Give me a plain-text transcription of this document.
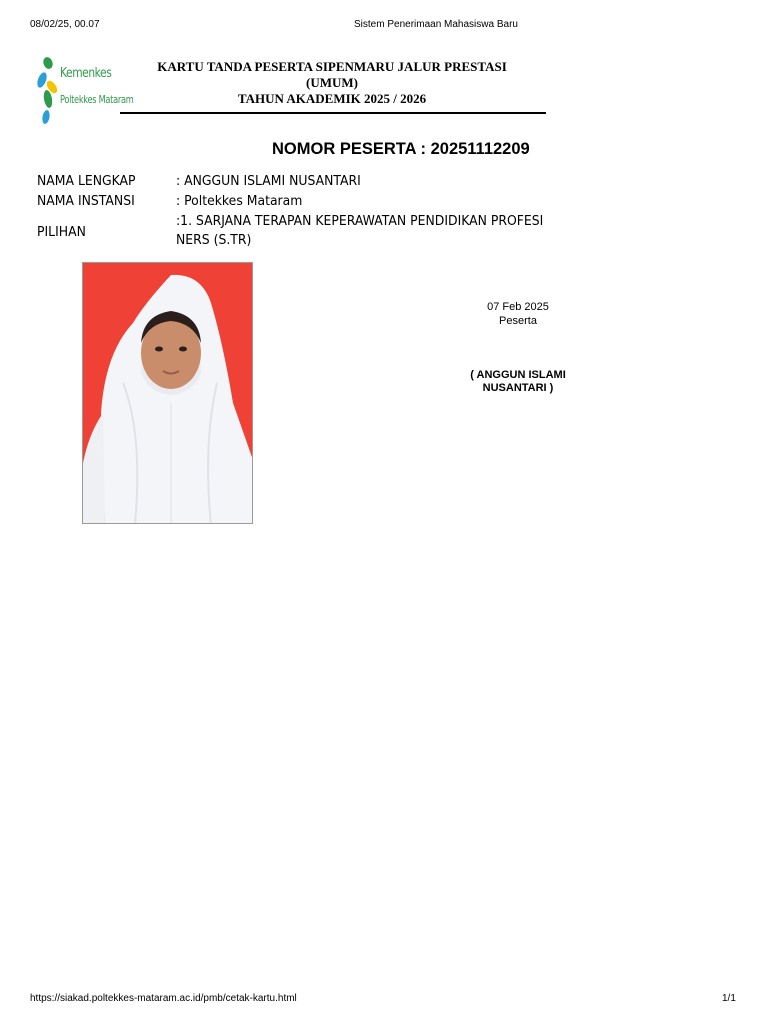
08/02/25, 00.07	Sistem Penerimaan Mahasiswa Baru
Kemenkes
Poltekkes Mataram
KARTU TANDA PESERTA SIPENMARU JALUR PRESTASI
(UMUM)
TAHUN AKADEMIK 2025 / 2026
NOMOR PESERTA : 20251112209
NAMA LENGKAP	: ANGGUN ISLAMI NUSANTARI
NAMA INSTANSI	: Poltekkes Mataram
PILIHAN
:1. SARJANA TERAPAN KEPERAWATAN PENDIDIKAN PROFESI
NERS (S.TR)
07 Feb 2025
Peserta
( ANGGUN ISLAMI
NUSANTARI )
https://siakad.poltekkes-mataram.ac.id/pmb/cetak-kartu.html	1/1
